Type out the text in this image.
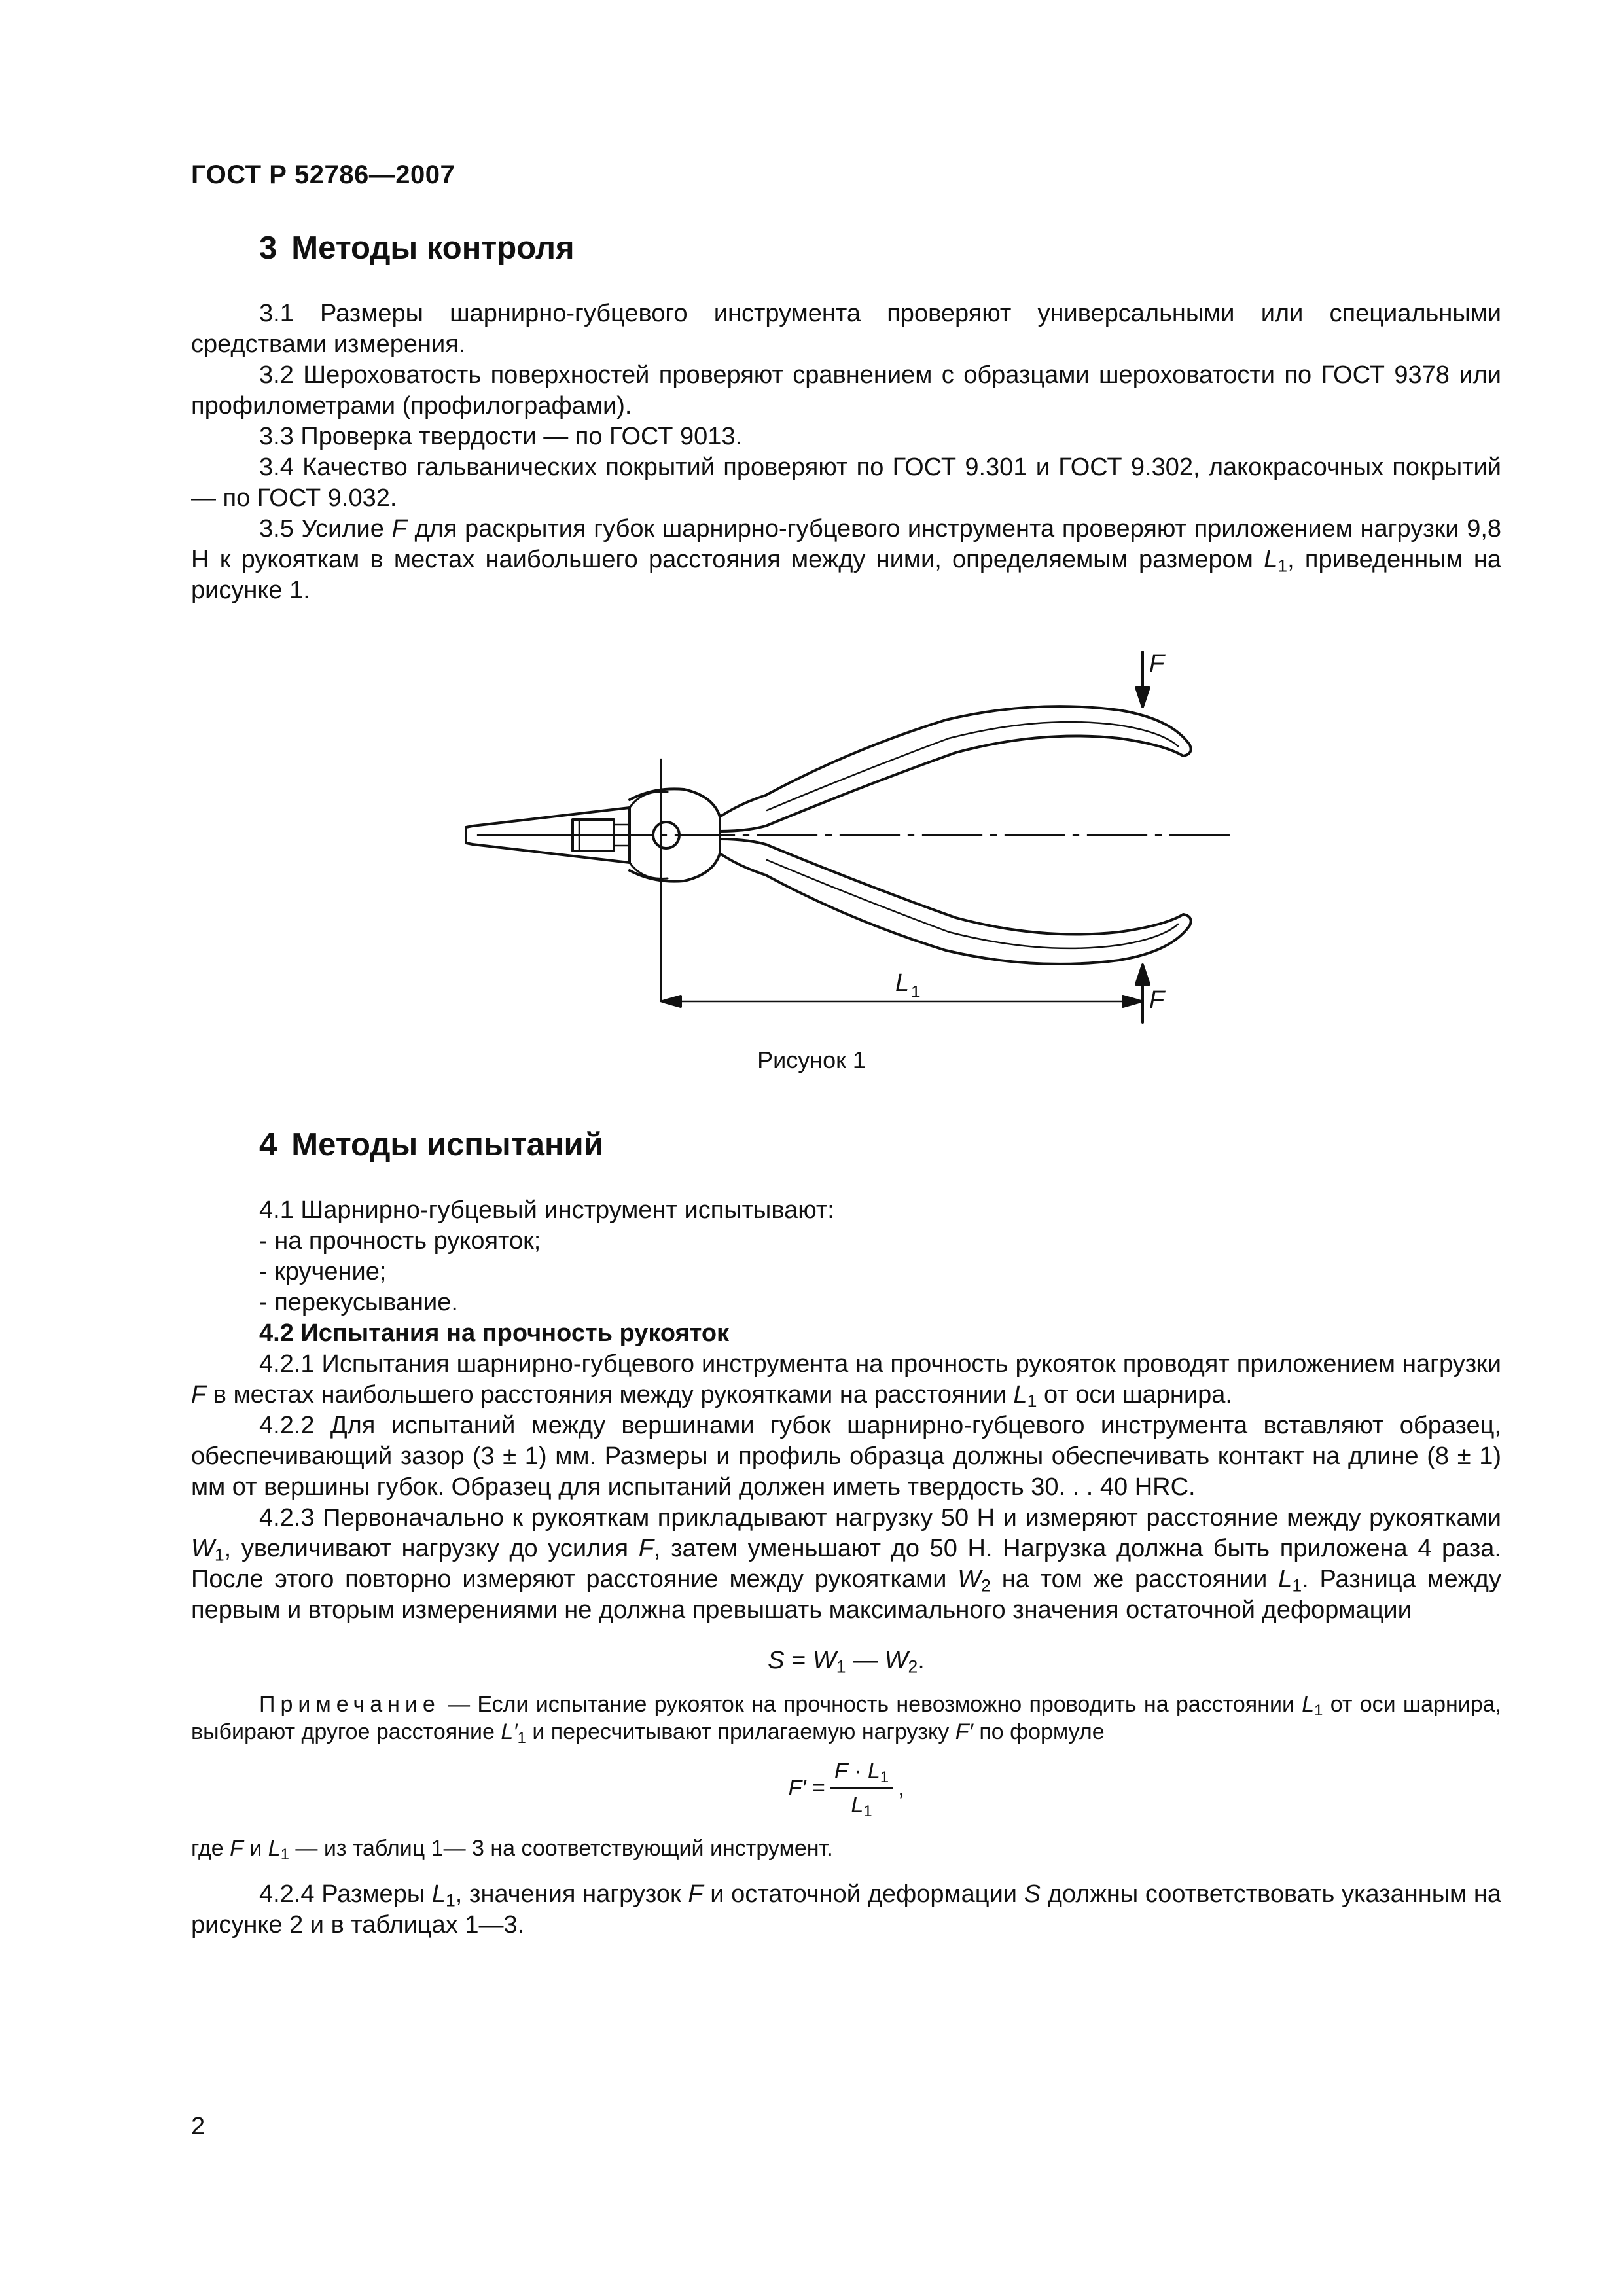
ГОСТ Р 52786—2007
3 Методы контроля

3.1 Размеры шарнирно-губцевого инструмента проверяют универсальными или специальными средствами измерения.

3.2 Шероховатость поверхностей проверяют сравнением с образцами шероховатости по ГОСТ 9378 или профилометрами (профилографами).

3.3 Проверка твердости — по ГОСТ 9013.

3.4 Качество гальванических покрытий проверяют по ГОСТ 9.301 и ГОСТ 9.302, лакокрасочных покрытий — по ГОСТ 9.032.

3.5 Усилие F для раскрытия губок шарнирно-губцевого инструмента проверяют приложением нагрузки 9,8 Н к рукояткам в местах наибольшего расстояния между ними, определяемым размером $L_1$, приведенным на рисунке 1.

F
F
L 1
Рисунок 1
4 Методы испытаний

4.1 Шарнирно-губцевый инструмент испытывают:

- на прочность рукояток;

- кручение;

- перекусывание.

4.2 Испытания на прочность рукояток

4.2.1 Испытания шарнирно-губцевого инструмента на прочность рукояток проводят приложением нагрузки F в местах наибольшего расстояния между рукоятками на расстоянии $L_1$ от оси шарнира.

4.2.2 Для испытаний между вершинами губок шарнирно-губцевого инструмента вставляют образец, обеспечивающий зазор (3 ± 1) мм. Размеры и профиль образца должны обеспечивать контакт на длине (8 ± 1) мм от вершины губок. Образец для испытаний должен иметь твердость 30. . . 40 HRC.

4.2.3 Первоначально к рукояткам прикладывают нагрузку 50 Н и измеряют расстояние между рукоятками $W_1$, увеличивают нагрузку до усилия F, затем уменьшают до 50 Н. Нагрузка должна быть приложена 4 раза. После этого повторно измеряют расстояние между рукоятками $W_2$ на том же расстоянии $L_1$. Разница между первым и вторым измерениями не должна превышать максимального значения остаточной деформации

$S = W_1$ — $W_2$.

Примечание — Если испытание рукояток на прочность невозможно проводить на расстоянии $L_1$ от оси шарнира, выбирают другое расстояние $L'_1$ и пересчитывают прилагаемую нагрузку F′ по формуле

F′
= $\frac{F \cdot L_1}{L_1}$ ,

где F и $L_1$ — из таблиц 1— 3 на соответствующий инструмент.

4.2.4 Размеры $L_1$, значения нагрузок F и остаточной деформации S должны соответствовать указанным на рисунке 2 и в таблицах 1—3.

2
